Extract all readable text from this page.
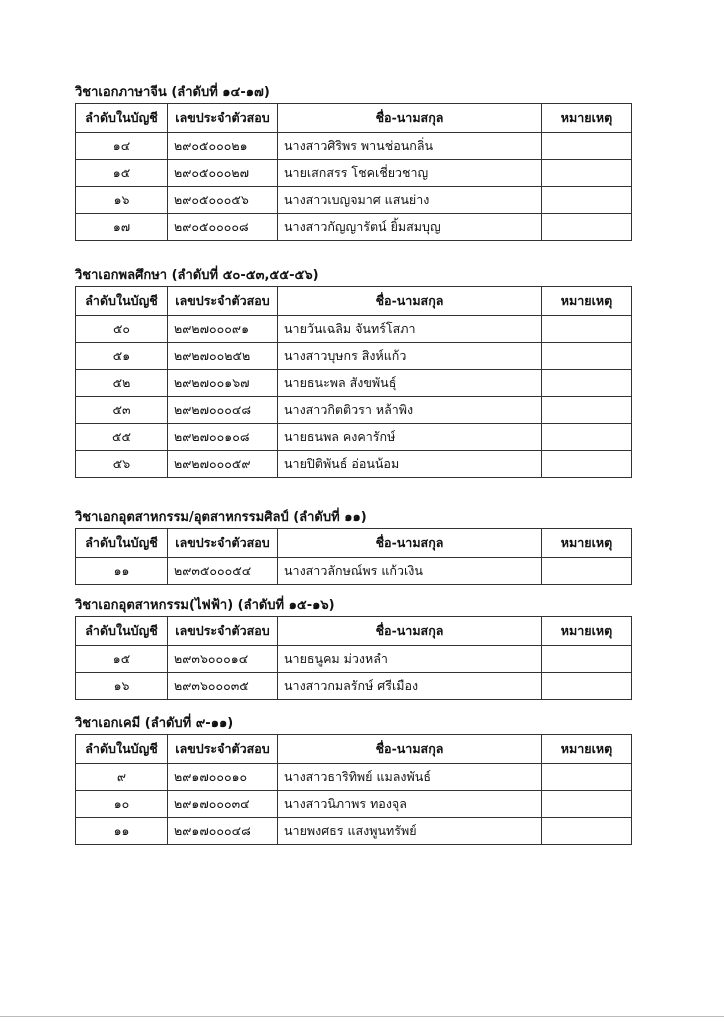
วิชาเอกภาษาจีน (ลำดับที่ ๑๔-๑๗)
ลำดับในบัญชี	เลขประจำตัวสอบ	ชื่อ-นามสกุล	หมายเหตุ
๑๔	๒๙๐๕๐๐๐๒๑	นางสาวศิริพร พานช่อนกลิ่น	
๑๕	๒๙๐๕๐๐๐๒๗	นายเสกสรร โชคเชี่ยวชาญ	
๑๖	๒๙๐๕๐๐๐๕๖	นางสาวเบญจมาศ แสนย่าง	
๑๗	๒๙๐๕๐๐๐๐๘	นางสาวกัญญารัตน์ ยิ้มสมบุญ	
วิชาเอกพลศึกษา (ลำดับที่ ๕๐-๕๓,๕๕-๕๖)
ลำดับในบัญชี	เลขประจำตัวสอบ	ชื่อ-นามสกุล	หมายเหตุ
๕๐	๒๙๒๗๐๐๐๙๑	นายวันเฉลิม จันทร์โสภา	
๕๑	๒๙๒๗๐๐๒๕๒	นางสาวบุษกร สิงห์แก้ว	
๕๒	๒๙๒๗๐๐๑๖๗	นายธนะพล สังขพันธุ์	
๕๓	๒๙๒๗๐๐๐๔๘	นางสาวกิตติวรา หล้าพิง	
๕๕	๒๙๒๗๐๐๑๐๘	นายธนพล คงคารักษ์	
๕๖	๒๙๒๗๐๐๐๕๙	นายปิติพันธ์ อ่อนน้อม	
วิชาเอกอุตสาหกรรม/อุตสาหกรรมศิลป์ (ลำดับที่ ๑๑)
ลำดับในบัญชี	เลขประจำตัวสอบ	ชื่อ-นามสกุล	หมายเหตุ
๑๑	๒๙๓๕๐๐๐๕๔	นางสาวลักษณ์พร แก้วเงิน	
วิชาเอกอุตสาหกรรม(ไฟฟ้า) (ลำดับที่ ๑๕-๑๖)
ลำดับในบัญชี	เลขประจำตัวสอบ	ชื่อ-นามสกุล	หมายเหตุ
๑๕	๒๙๓๖๐๐๐๑๔	นายธนูคม ม่วงหลำ	
๑๖	๒๙๓๖๐๐๐๓๕	นางสาวกมลรักษ์ ศรีเมือง	
วิชาเอกเคมี (ลำดับที่ ๙-๑๑)
ลำดับในบัญชี	เลขประจำตัวสอบ	ชื่อ-นามสกุล	หมายเหตุ
๙	๒๙๑๗๐๐๐๑๐	นางสาวธาริทิพย์ แมลงพันธ์	
๑๐	๒๙๑๗๐๐๐๓๔	นางสาวนิภาพร ทองจุล	
๑๑	๒๙๑๗๐๐๐๔๘	นายพงศธร แสงพูนทรัพย์	
